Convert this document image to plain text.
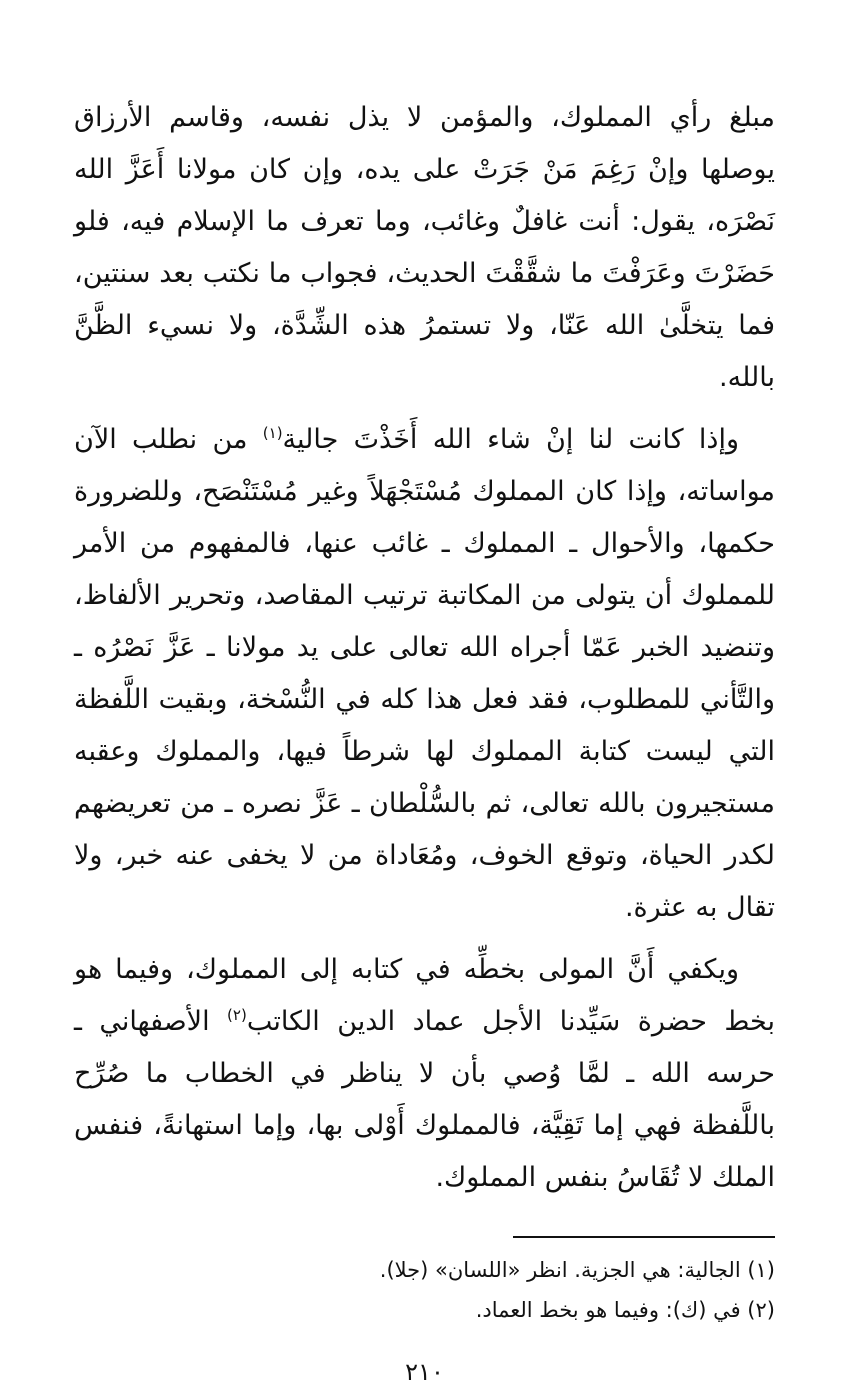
مبلغ رأي المملوك، والمؤمن لا يذل نفسه، وقاسم الأرزاق يوصلها وإنْ رَغِمَ مَنْ جَرَتْ على يده، وإن كان مولانا أَعَزَّ الله نَصْرَه، يقول: أنت غافلٌ وغائب، وما تعرف ما الإسلام فيه، فلو حَضَرْتَ وعَرَفْتَ ما شقَّقْتَ الحديث، فجواب ما نكتب بعد سنتين، فما يتخلَّىٰ الله عَنّا، ولا تستمرُ هذه الشِّدَّة، ولا نسيء الظَّنَّ بالله.

وإذا كانت لنا إنْ شاء الله أَخَذْتَ جالية$^{(١)}$ من نطلب الآن مواساته، وإذا كان المملوك مُسْتَجْهَلاً وغير مُسْتَنْصَح، وللضرورة حكمها، والأحوال ـ المملوك ـ غائب عنها، فالمفهوم من الأمر للمملوك أن يتولى من المكاتبة ترتيب المقاصد، وتحرير الألفاظ، وتنضيد الخبر عَمّا أجراه الله تعالى على يد مولانا ـ عَزَّ نَصْرُه ـ والتَّأني للمطلوب، فقد فعل هذا كله في النُّسْخة، وبقيت اللَّفظة التي ليست كتابة المملوك لها شرطاً فيها، والمملوك وعقبه مستجيرون بالله تعالى، ثم بالسُّلْطان ـ عَزَّ نصره ـ من تعريضهم لكدر الحياة، وتوقع الخوف، ومُعَاداة من لا يخفى عنه خبر، ولا تقال به عثرة.

ويكفي أَنَّ المولى بخطِّه في كتابه إلى المملوك، وفيما هو بخط حضرة سَيِّدنا الأجل عماد الدين الكاتب$^{(٢)}$ الأصفهاني ـ حرسه الله ـ لمَّا وُصي بأن لا يناظر في الخطاب ما صُرِّح باللَّفظة فهي إما تَقِيَّة، فالمملوك أَوْلى بها، وإما استهانةً، فنفس الملك لا تُقَاسُ بنفس المملوك.

(١) الجالية: هي الجزية. انظر «اللسان» (جلا).

(٢) في (ك): وفيما هو بخط العماد.

٢١٠
